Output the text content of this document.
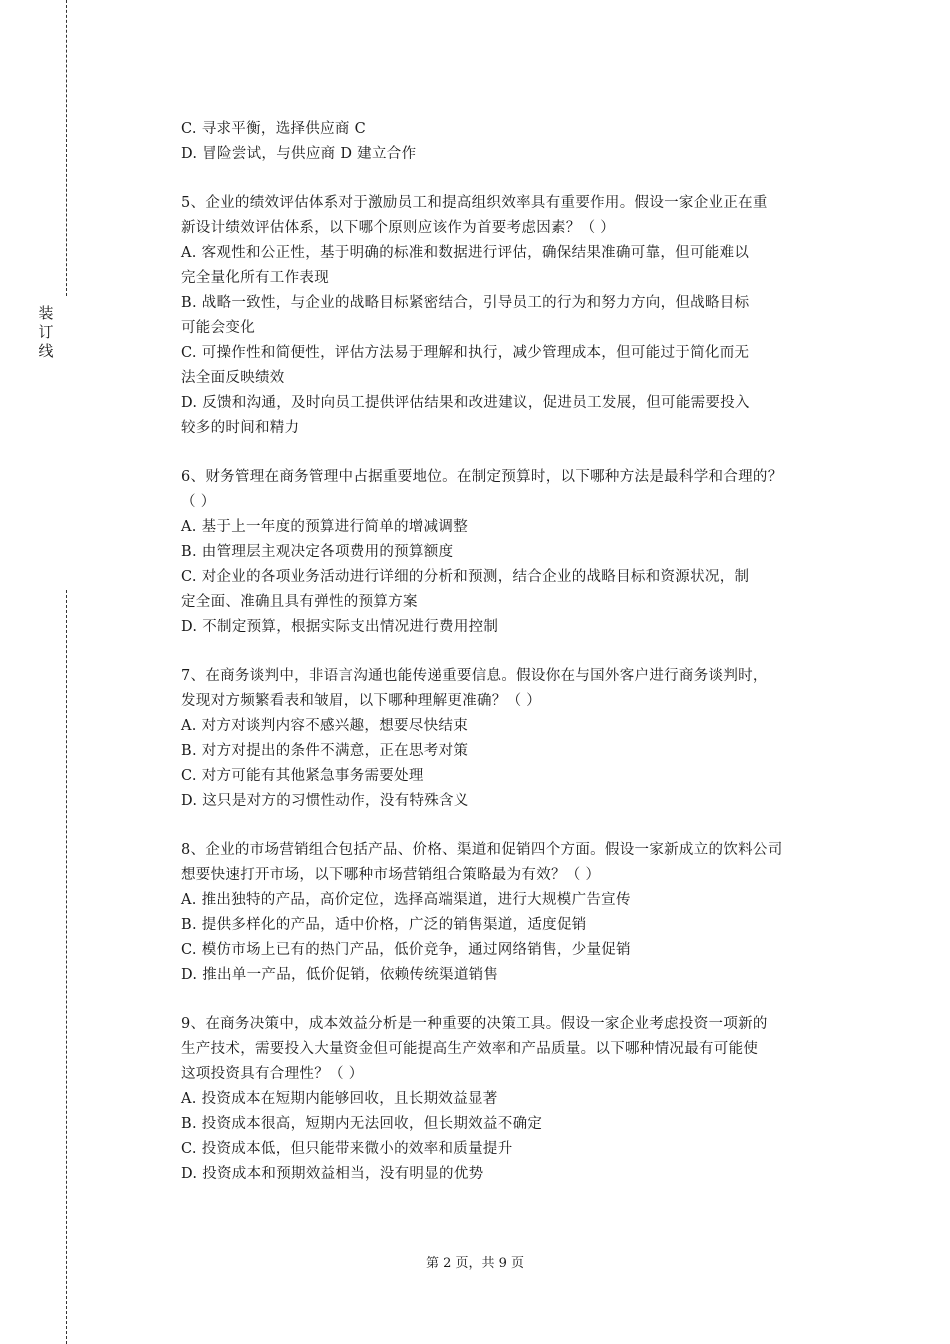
装
订
线
C. 寻求平衡，选择供应商 C
D. 冒险尝试，与供应商 D 建立合作
5、企业的绩效评估体系对于激励员工和提高组织效率具有重要作用。假设一家企业正在重
新设计绩效评估体系，以下哪个原则应该作为首要考虑因素？（ ）
A. 客观性和公正性，基于明确的标准和数据进行评估，确保结果准确可靠，但可能难以
完全量化所有工作表现
B. 战略一致性，与企业的战略目标紧密结合，引导员工的行为和努力方向，但战略目标
可能会变化
C. 可操作性和简便性，评估方法易于理解和执行，减少管理成本，但可能过于简化而无
法全面反映绩效
D. 反馈和沟通，及时向员工提供评估结果和改进建议，促进员工发展，但可能需要投入
较多的时间和精力
6、财务管理在商务管理中占据重要地位。在制定预算时，以下哪种方法是最科学和合理的？
（ ）
A. 基于上一年度的预算进行简单的增减调整
B. 由管理层主观决定各项费用的预算额度
C. 对企业的各项业务活动进行详细的分析和预测，结合企业的战略目标和资源状况，制
定全面、准确且具有弹性的预算方案
D. 不制定预算，根据实际支出情况进行费用控制
7、在商务谈判中，非语言沟通也能传递重要信息。假设你在与国外客户进行商务谈判时，
发现对方频繁看表和皱眉，以下哪种理解更准确？（ ）
A. 对方对谈判内容不感兴趣，想要尽快结束
B. 对方对提出的条件不满意，正在思考对策
C. 对方可能有其他紧急事务需要处理
D. 这只是对方的习惯性动作，没有特殊含义
8、企业的市场营销组合包括产品、价格、渠道和促销四个方面。假设一家新成立的饮料公司
想要快速打开市场，以下哪种市场营销组合策略最为有效？（ ）
A. 推出独特的产品，高价定位，选择高端渠道，进行大规模广告宣传
B. 提供多样化的产品，适中价格，广泛的销售渠道，适度促销
C. 模仿市场上已有的热门产品，低价竞争，通过网络销售，少量促销
D. 推出单一产品，低价促销，依赖传统渠道销售
9、在商务决策中，成本效益分析是一种重要的决策工具。假设一家企业考虑投资一项新的
生产技术，需要投入大量资金但可能提高生产效率和产品质量。以下哪种情况最有可能使
这项投资具有合理性？（ ）
A. 投资成本在短期内能够回收，且长期效益显著
B. 投资成本很高，短期内无法回收，但长期效益不确定
C. 投资成本低，但只能带来微小的效率和质量提升
D. 投资成本和预期效益相当，没有明显的优势
第 2 页，共 9 页
